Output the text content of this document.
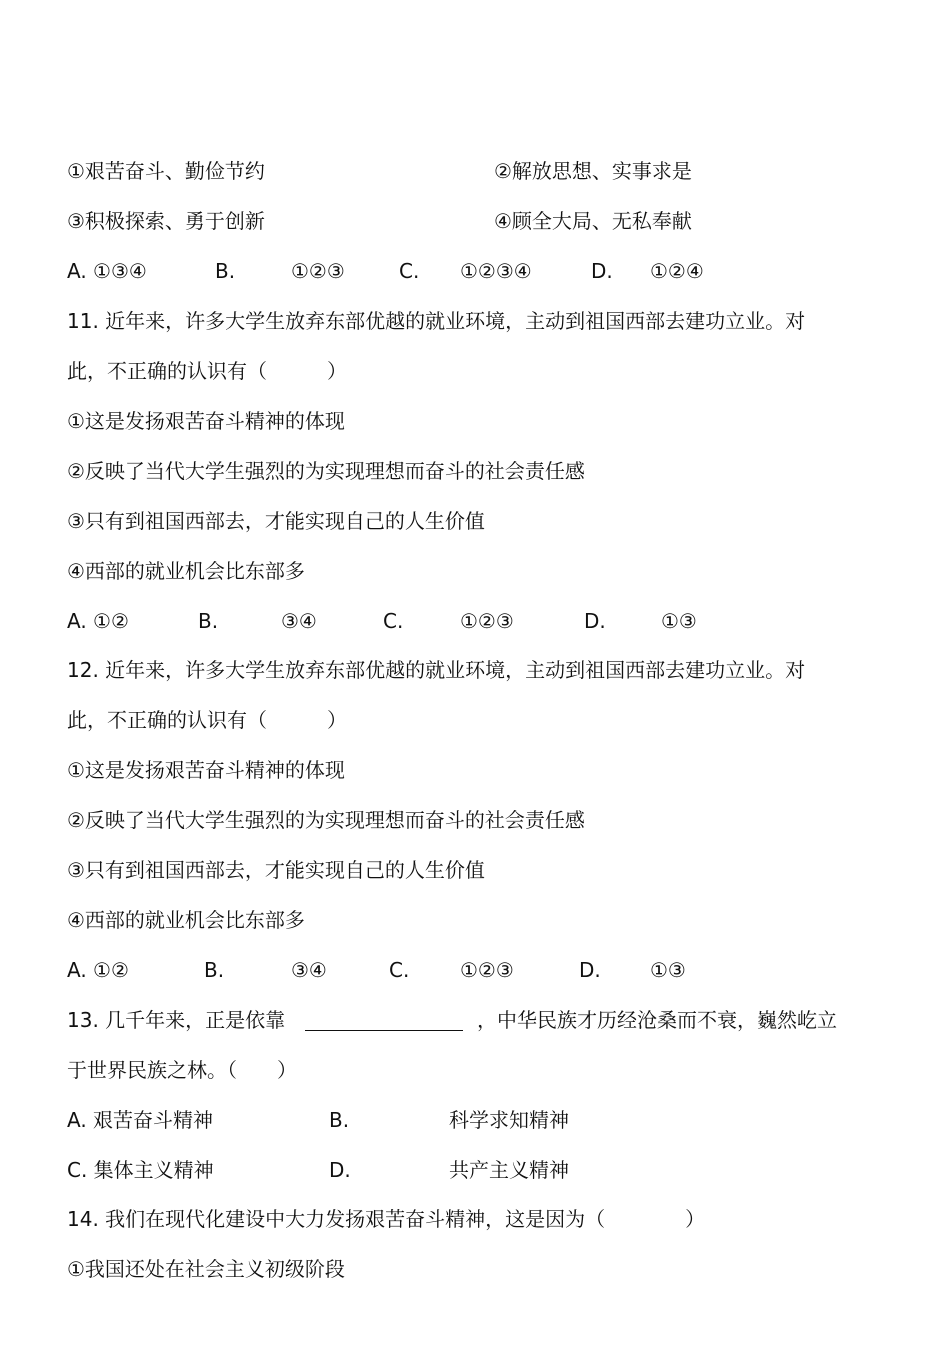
①艰苦奋斗、勤俭节约	②解放思想、实事求是
③积极探索、勇于创新	④顾全大局、无私奉献
A. ①③④	B.	①②③	C. ①②③④	D. ①②④
11. 近年来，许多大学生放弃东部优越的就业环境，主动到祖国西部去建功立业。对
此，不正确的认识有（　　　）
①这是发扬艰苦奋斗精神的体现
②反映了当代大学生强烈的为实现理想而奋斗的社会责任感
③只有到祖国西部去，才能实现自己的人生价值
④西部的就业机会比东部多
A. ①②	B.	③④	C.	①②③	D.	①③
12. 近年来，许多大学生放弃东部优越的就业环境，主动到祖国西部去建功立业。对
此，不正确的认识有（　　　）
①这是发扬艰苦奋斗精神的体现
②反映了当代大学生强烈的为实现理想而奋斗的社会责任感
③只有到祖国西部去，才能实现自己的人生价值
④西部的就业机会比东部多
A. ①②	B.	③④	C.	①②③	D. ①③
13. 几千年来，正是依靠	，中华民族才历经沧桑而不衰，巍然屹立
于世界民族之林。（　　）
A. 艰苦奋斗精神	B.	科学求知精神
C. 集体主义精神	D.	共产主义精神
14. 我们在现代化建设中大力发扬艰苦奋斗精神，这是因为（　　　　）
①我国还处在社会主义初级阶段
